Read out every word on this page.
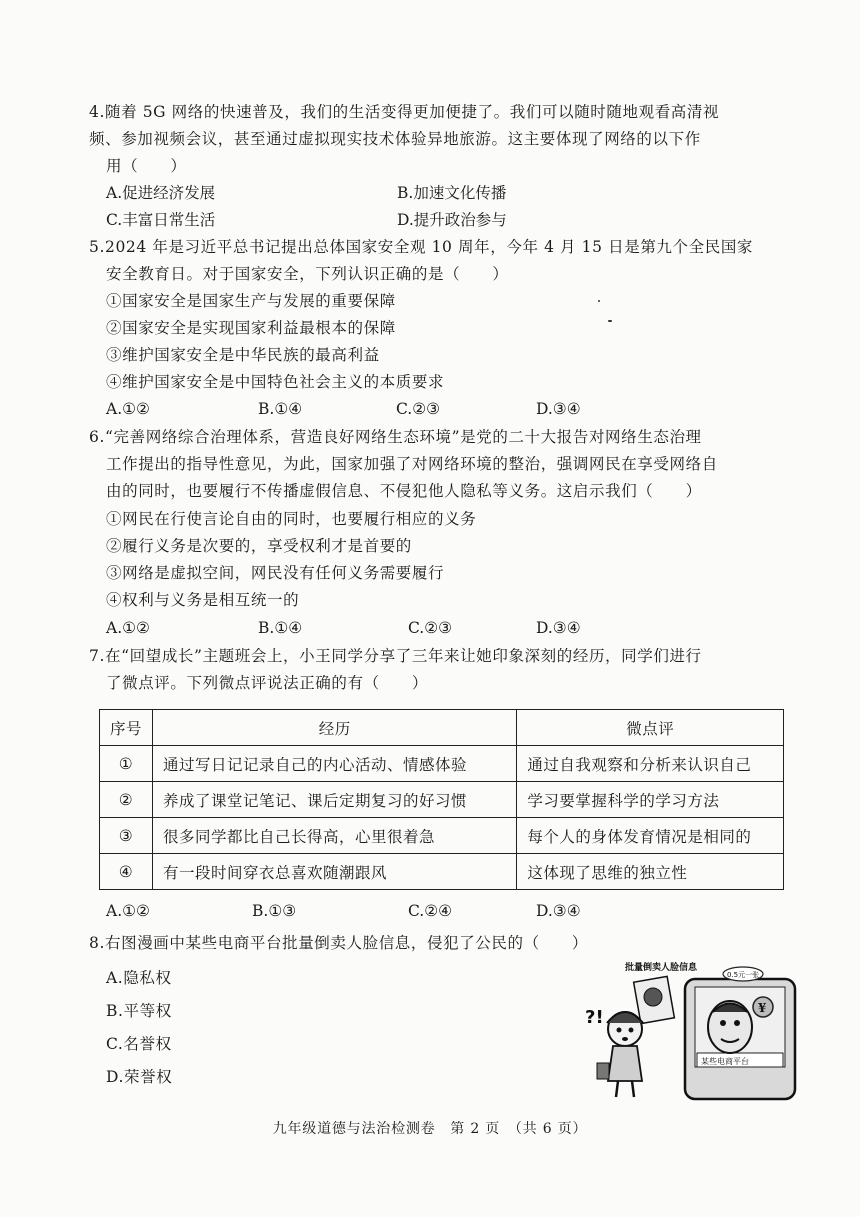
4.随着 5G 网络的快速普及，我们的生活变得更加便捷了。我们可以随时随地观看高清视
频、参加视频会议，甚至通过虚拟现实技术体验异地旅游。这主要体现了网络的以下作
用（　　）
A.促进经济发展	B.加速文化传播
C.丰富日常生活	D.提升政治参与
5.2024 年是习近平总书记提出总体国家安全观 10 周年，今年 4 月 15 日是第九个全民国家
安全教育日。对于国家安全，下列认识正确的是（　　）
①国家安全是国家生产与发展的重要保障
②国家安全是实现国家利益最根本的保障
③维护国家安全是中华民族的最高利益
④维护国家安全是中国特色社会主义的本质要求
A.①②	B.①④	C.②③	D.③④
6.“完善网络综合治理体系，营造良好网络生态环境”是党的二十大报告对网络生态治理
工作提出的指导性意见，为此，国家加强了对网络环境的整治，强调网民在享受网络自
由的同时，也要履行不传播虚假信息、不侵犯他人隐私等义务。这启示我们（　　）
①网民在行使言论自由的同时，也要履行相应的义务
②履行义务是次要的，享受权利才是首要的
③网络是虚拟空间，网民没有任何义务需要履行
④权利与义务是相互统一的
A.①②	B.①④	C.②③	D.③④
7.在“回望成长”主题班会上，小王同学分享了三年来让她印象深刻的经历，同学们进行
了微点评。下列微点评说法正确的有（　　）
序号	经历	微点评
①	通过写日记记录自己的内心活动、情感体验	通过自我观察和分析来认识自己
②	养成了课堂记笔记、课后定期复习的好习惯	学习要掌握科学的学习方法
③	很多同学都比自己长得高，心里很着急	每个人的身体发育情况是相同的
④	有一段时间穿衣总喜欢随潮跟风	这体现了思维的独立性
A.①②	B.①③	C.②④	D.③④
8.右图漫画中某些电商平台批量倒卖人脸信息，侵犯了公民的（　　）
A.隐私权
B.平等权
C.名誉权
D.荣誉权
批量倒卖人脸信息
某些电商平台
¥
0.5元一张
?!
九年级道德与法治检测卷　第 2 页　（共 6 页）
